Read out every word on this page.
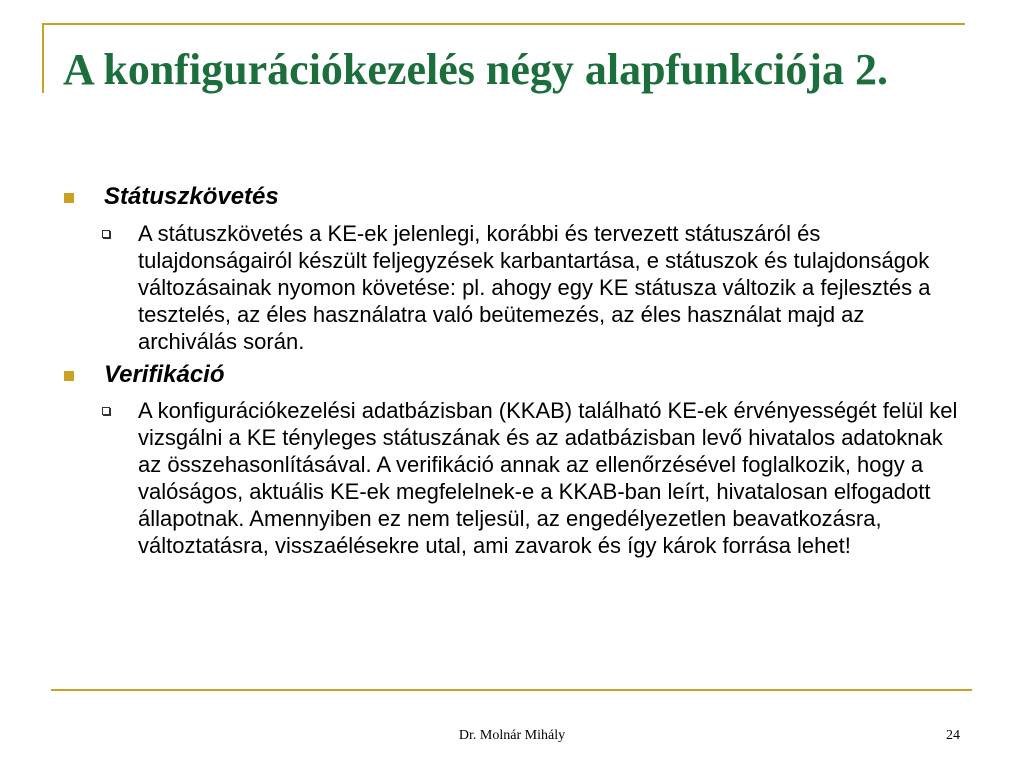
A konfigurációkezelés négy alapfunkciója 2.
Státuszkövetés
A státuszkövetés a KE-ek jelenlegi, korábbi és tervezett státuszáról és tulajdonságairól készült feljegyzések karbantartása, e státuszok és tulajdonságok változásainak nyomon követése: pl. ahogy egy KE státusza változik a fejlesztés a tesztelés, az éles használatra való beütemezés, az éles használat majd az archiválás során.
Verifikáció
A konfigurációkezelési adatbázisban (KKAB) található KE-ek érvényességét felül kel vizsgálni a KE tényleges státuszának és az adatbázisban levő hivatalos adatoknak az összehasonlításával. A verifikáció annak az ellenőrzésével foglalkozik, hogy a valóságos, aktuális KE-ek megfelelnek-e a KKAB-ban leírt, hivatalosan elfogadott állapotnak. Amennyiben ez nem teljesül, az engedélyezetlen beavatkozásra, változtatásra, visszaélésekre utal, ami zavarok és így károk forrása lehet!
Dr. Molnár Mihály	24
